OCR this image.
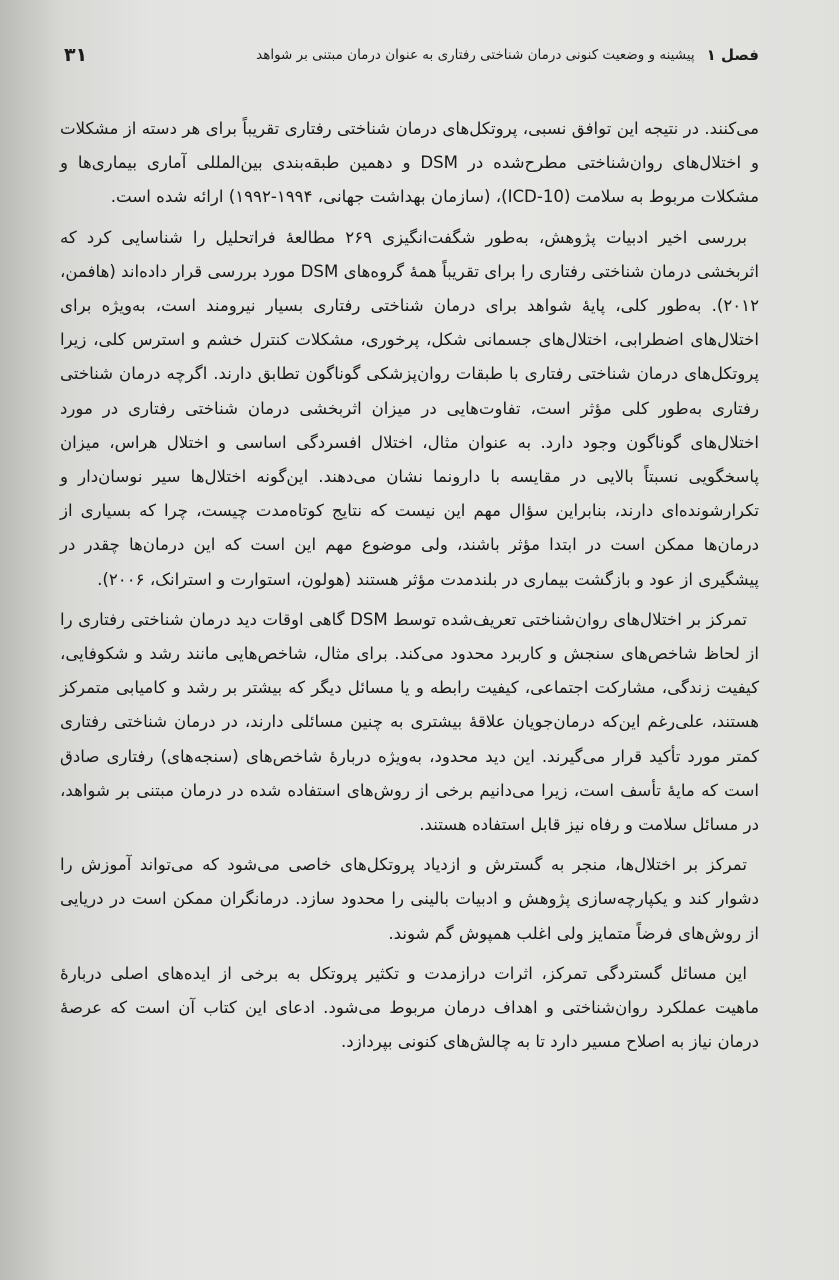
فصل ۱
پیشینه و وضعیت کنونی درمان شناختی رفتاری به عنوان درمان مبتنی بر شواهد
۳۱

می‌کنند. در نتیجه این توافق نسبی، پروتکل‌های درمان شناختی رفتاری تقریباً برای هر دسته از مشکلات و اختلال‌های روان‌شناختی مطرح‌شده در DSM و دهمین طبقه‌بندی بین‌المللی آماری بیماری‌ها و مشکلات مربوط به سلامت (ICD-10)، (سازمان بهداشت جهانی، ۱۹۹۴-۱۹۹۲) ارائه شده است.

بررسی اخیر ادبیات پژوهش، به‌طور شگفت‌انگیزی ۲۶۹ مطالعهٔ فراتحلیل را شناسایی کرد که اثربخشی درمان شناختی رفتاری را برای تقریباً همهٔ گروه‌های DSM مورد بررسی قرار داده‌اند (هافمن، ۲۰۱۲). به‌طور کلی، پایهٔ شواهد برای درمان شناختی رفتاری بسیار نیرومند است، به‌ویژه برای اختلال‌های اضطرابی، اختلال‌های جسمانی شکل، پرخوری، مشکلات کنترل خشم و استرس کلی، زیرا پروتکل‌های درمان شناختی رفتاری با طبقات روان‌پزشکی گوناگون تطابق دارند. اگرچه درمان شناختی رفتاری به‌طور کلی مؤثر است، تفاوت‌هایی در میزان اثربخشی درمان شناختی رفتاری در مورد اختلال‌های گوناگون وجود دارد. به عنوان مثال، اختلال افسردگی اساسی و اختلال هراس، میزان پاسخگویی نسبتاً بالایی در مقایسه با دارونما نشان می‌دهند. این‌گونه اختلال‌ها سیر نوسان‌دار و تکرارشونده‌ای دارند، بنابراین سؤال مهم این نیست که نتایج کوتاه‌مدت چیست، چرا که بسیاری از درمان‌ها ممکن است در ابتدا مؤثر باشند، ولی موضوع مهم این است که این درمان‌ها چقدر در پیشگیری از عود و بازگشت بیماری در بلندمدت مؤثر هستند (هولون، استوارت و استرانک، ۲۰۰۶).

تمرکز بر اختلال‌های روان‌شناختی تعریف‌شده توسط DSM گاهی اوقات دید درمان شناختی رفتاری را از لحاظ شاخص‌های سنجش و کاربرد محدود می‌کند. برای مثال، شاخص‌هایی مانند رشد و شکوفایی، کیفیت زندگی، مشارکت اجتماعی، کیفیت رابطه و یا مسائل دیگر که بیشتر بر رشد و کامیابی متمرکز هستند، علی‌رغم این‌که درمان‌جویان علاقهٔ بیشتری به چنین مسائلی دارند، در درمان شناختی رفتاری کمتر مورد تأکید قرار می‌گیرند. این دید محدود، به‌ویژه دربارهٔ شاخص‌های (سنجه‌های) رفتاری صادق است که مایهٔ تأسف است، زیرا می‌دانیم برخی از روش‌های استفاده شده در درمان مبتنی بر شواهد، در مسائل سلامت و رفاه نیز قابل استفاده هستند.

تمرکز بر اختلال‌ها، منجر به گسترش و ازدیاد پروتکل‌های خاصی می‌شود که می‌تواند آموزش را دشوار کند و یکپارچه‌سازی پژوهش و ادبیات بالینی را محدود سازد. درمانگران ممکن است در دریایی از روش‌های فرضاً متمایز ولی اغلب همپوش گم شوند.

این مسائل گستردگی تمرکز، اثرات درازمدت و تکثیر پروتکل به برخی از ایده‌های اصلی دربارهٔ ماهیت عملکرد روان‌شناختی و اهداف درمان مربوط می‌شود. ادعای این کتاب آن است که عرصهٔ درمان نیاز به اصلاح مسیر دارد تا به چالش‌های کنونی بپردازد.
